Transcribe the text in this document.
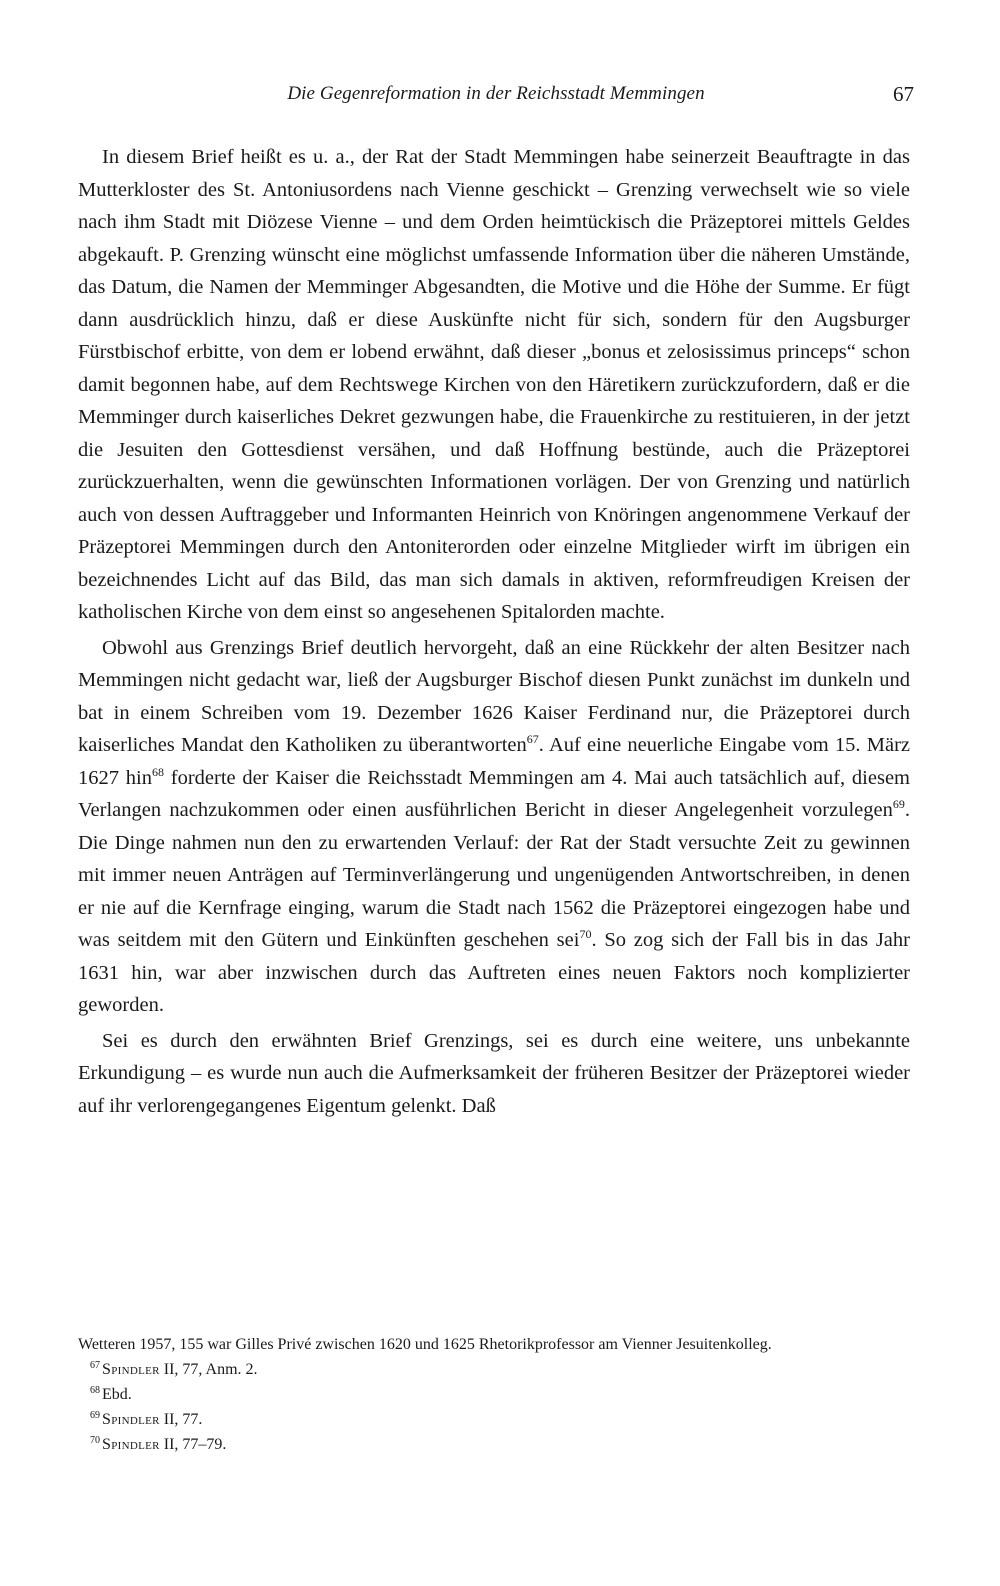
Die Gegenreformation in der Reichsstadt Memmingen	67

In diesem Brief heißt es u. a., der Rat der Stadt Memmingen habe seinerzeit Beauftragte in das Mutterkloster des St. Antoniusordens nach Vienne geschickt – Grenzing verwechselt wie so viele nach ihm Stadt mit Diözese Vienne – und dem Orden heimtückisch die Präzeptorei mittels Geldes abgekauft. P. Grenzing wünscht eine möglichst umfassende Information über die näheren Umstände, das Datum, die Namen der Memminger Abgesandten, die Motive und die Höhe der Summe. Er fügt dann ausdrücklich hinzu, daß er diese Auskünfte nicht für sich, sondern für den Augsburger Fürstbischof erbitte, von dem er lobend erwähnt, daß dieser „bonus et zelosissimus princeps“ schon damit begonnen habe, auf dem Rechtswege Kirchen von den Häretikern zurückzufordern, daß er die Memminger durch kaiserliches Dekret gezwungen habe, die Frauenkirche zu restituieren, in der jetzt die Jesuiten den Gottesdienst versähen, und daß Hoffnung bestünde, auch die Präzeptorei zurückzuerhalten, wenn die gewünschten Informationen vorlägen. Der von Grenzing und natürlich auch von dessen Auftraggeber und Informanten Heinrich von Knöringen angenommene Verkauf der Präzeptorei Memmingen durch den Antoniterorden oder einzelne Mitglieder wirft im übrigen ein bezeichnendes Licht auf das Bild, das man sich damals in aktiven, reformfreudigen Kreisen der katholischen Kirche von dem einst so angesehenen Spitalorden machte.

Obwohl aus Grenzings Brief deutlich hervorgeht, daß an eine Rückkehr der alten Besitzer nach Memmingen nicht gedacht war, ließ der Augsburger Bischof diesen Punkt zunächst im dunkeln und bat in einem Schreiben vom 19. Dezember 1626 Kaiser Ferdinand nur, die Präzeptorei durch kaiserliches Mandat den Katholiken zu überantworten$^{67}$. Auf eine neuerliche Eingabe vom 15. März 1627 hin$^{68}$ forderte der Kaiser die Reichsstadt Memmingen am 4. Mai auch tatsächlich auf, diesem Verlangen nachzukommen oder einen ausführlichen Bericht in dieser Angelegenheit vorzulegen$^{69}$. Die Dinge nahmen nun den zu erwartenden Verlauf: der Rat der Stadt versuchte Zeit zu gewinnen mit immer neuen Anträgen auf Terminverlängerung und ungenügenden Antwortschreiben, in denen er nie auf die Kernfrage einging, warum die Stadt nach 1562 die Präzeptorei eingezogen habe und was seitdem mit den Gütern und Einkünften geschehen sei$^{70}$. So zog sich der Fall bis in das Jahr 1631 hin, war aber inzwischen durch das Auftreten eines neuen Faktors noch komplizierter geworden.

Sei es durch den erwähnten Brief Grenzings, sei es durch eine weitere, uns unbekannte Erkundigung – es wurde nun auch die Aufmerksamkeit der früheren Besitzer der Präzeptorei wieder auf ihr verlorengegangenes Eigentum gelenkt. Daß

Wetteren 1957, 155 war Gilles Privé zwischen 1620 und 1625 Rhetorikprofessor am Vienner Jesuitenkolleg.
67 Spindler II, 77, Anm. 2.
68 Ebd.
69 Spindler II, 77.
70 Spindler II, 77–79.
